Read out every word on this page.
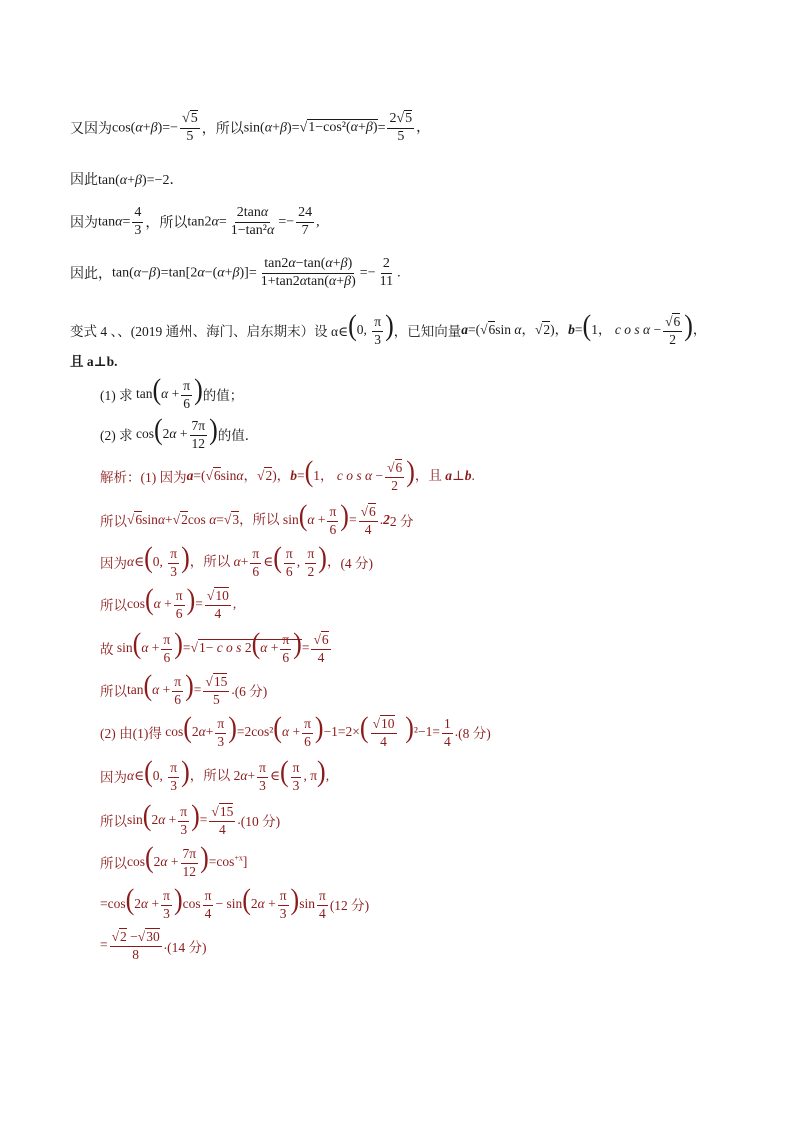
又因为 $\cos(\alpha+\beta)=- \frac{√5}{5}$ ，所以 $\sin(\alpha+\beta)=√1-\cos^2(\alpha+\beta)= \frac{2√5}{5}$ ，
因此 tan(α+β)=−2．
因为 $\tan\alpha= \frac{4}{3}$ ，所以 $\tan 2\alpha= \frac{2\tan\alpha}{\text{1−tan²α}} =- \frac{24}{7}$ ,
因此， $\tan(\alpha-\beta)=\tan[2\alpha-(\alpha+\beta)]= \frac{\tan 2\alpha-\tan(\alpha+\beta)}{1+\tan 2\alpha\tan(\alpha+\beta)} =- \frac{2}{11}$ .
变式 4 、、(2019 通州、海门、启东期末）设 α∈ (0, $\frac{\pi}{3}$ ) ，已知向量 a=(√6sin α，√2)，b=(1， c o s $\alpha - \frac{√6}{2}$ )，
且 a⊥b.
(1) 求 $\tan(\alpha + \frac{\pi}{6}$ ) 的值；
(2) 求 $\cos(2\alpha + \frac{7\pi}{12}$ ) 的值．
解析：(1) 因为 a=(√6sinα，√2)，b=(1， c o s $\alpha - \frac{√6}{2}$ )，且 a⊥b.
所以 √6sinα+√2cos α=√3，所以 $\sin(\alpha + \frac{\pi}{6}$ )= $\frac{√6}{4} .2$ 2 分
因为 α∈(0, $\frac{\pi}{3}$ )，所以 $\alpha+ \frac{\pi}{6}$ ∈( $\frac{\pi}{6}$ , $\frac{\pi}{2}$ )， (4 分)
所以 $\cos(\alpha + \frac{\pi}{6}$ )= $\frac{√10}{4}$ ,
故 $\sin(\alpha + \frac{\pi}{6} )=√1- c$ o s $2(\alpha + \frac{\pi}{6}$ )= $\frac{√6}{4}$
所以 $\tan(\alpha + \frac{\pi}{6}$ )= $\frac{√15}{5}$ . (6 分)
(2) 由(1)得 $\cos(2\alpha+ \frac{\pi}{3} )=2\cos^2(\alpha + \frac{\pi}{6} )-1=2\times( \frac{√10}{4} )^2-1= \frac{1}{4}$ . (8 分)
因为 α∈(0, $\frac{\pi}{3}$ )，所以 $2\alpha+ \frac{\pi}{3}$ ∈( $\frac{\pi}{3}$ , π),
所以 $\sin(2\alpha + \frac{\pi}{3}$ )= $\frac{√15}{4}$ . (10 分)
所以 $\cos(2\alpha + \frac{7\pi}{12} )=\cos^{+x}$]
$=\cos(2\alpha + \frac{\pi}{3} )\cos \frac{\pi}{4} - \sin(2\alpha + \frac{\pi}{3} )\sin \frac{\pi}{4} (12$ 分)
= $\frac{√2 -√30}{8}$ . (14 分)
